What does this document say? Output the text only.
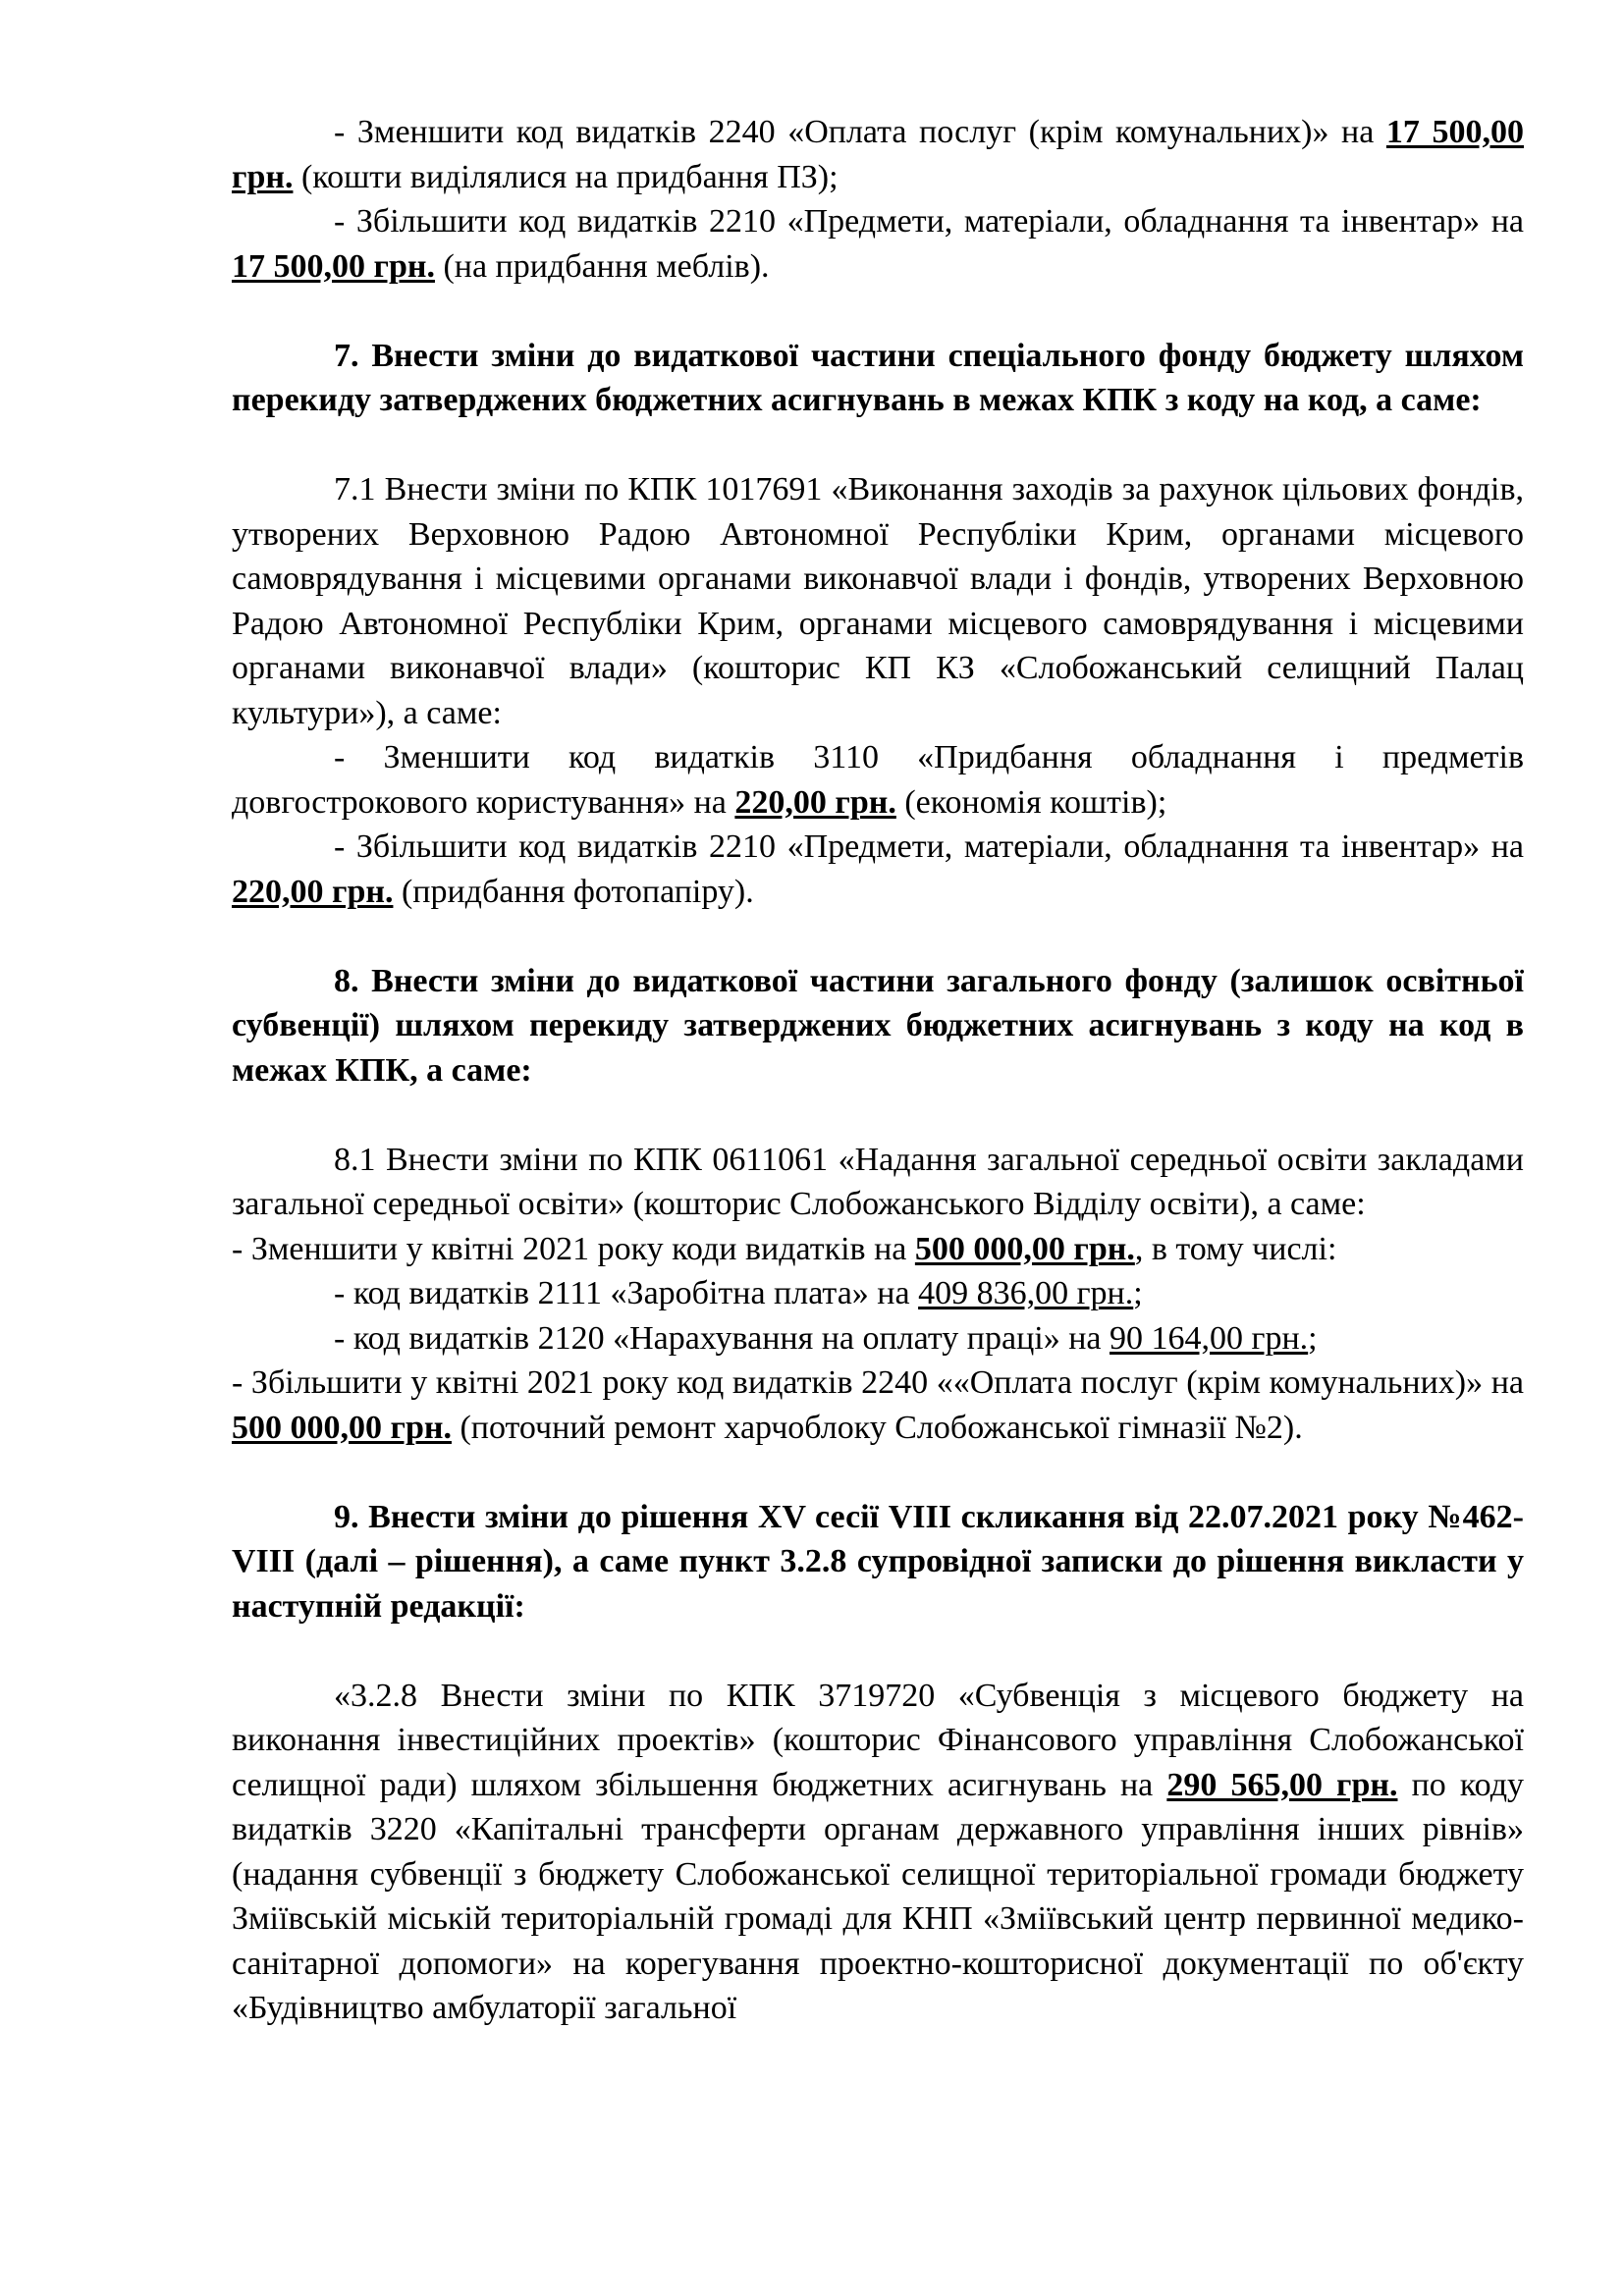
- Зменшити код видатків 2240 «Оплата послуг (крім комунальних)» на 17 500,00 грн. (кошти виділялися на придбання ПЗ);

- Збільшити код видатків 2210 «Предмети, матеріали, обладнання та інвентар» на 17 500,00 грн. (на придбання меблів).

7. Внести зміни до видаткової частини спеціального фонду бюджету шляхом перекиду затверджених бюджетних асигнувань в межах КПК з коду на код, а саме:

7.1 Внести зміни по КПК 1017691 «Виконання заходів за рахунок цільових фондів, утворених Верховною Радою Автономної Республіки Крим, органами місцевого самоврядування і місцевими органами виконавчої влади і фондів, утворених Верховною Радою Автономної Республіки Крим, органами місцевого самоврядування і місцевими органами виконавчої влади» (кошторис КП КЗ «Слобожанський селищний Палац культури»), а саме:

- Зменшити код видатків 3110 «Придбання обладнання і предметів довгострокового користування» на 220,00 грн. (економія коштів);

- Збільшити код видатків 2210 «Предмети, матеріали, обладнання та інвентар» на 220,00 грн. (придбання фотопапіру).

8. Внести зміни до видаткової частини загального фонду (залишок освітньої субвенції) шляхом перекиду затверджених бюджетних асигнувань з коду на код в межах КПК, а саме:

8.1 Внести зміни по КПК 0611061 «Надання загальної середньої освіти закладами загальної середньої освіти» (кошторис Слобожанського Відділу освіти), а саме:

- Зменшити у квітні 2021 року коди видатків на 500 000,00 грн., в тому числі:

- код видатків 2111 «Заробітна плата» на 409 836,00 грн.;

- код видатків 2120 «Нарахування на оплату праці» на 90 164,00 грн.;

- Збільшити у квітні 2021 року код видатків 2240 ««Оплата послуг (крім комунальних)» на 500 000,00 грн. (поточний ремонт харчоблоку Слобожанської гімназії №2).

9. Внести зміни до рішення XV сесії VIII скликання від 22.07.2021 року №462-VIII (далі – рішення), а саме пункт 3.2.8 супровідної записки до рішення викласти у наступній редакції:

«3.2.8 Внести зміни по КПК 3719720 «Субвенція з місцевого бюджету на виконання інвестиційних проектів» (кошторис Фінансового управління Слобожанської селищної ради) шляхом збільшення бюджетних асигнувань на 290 565,00 грн. по коду видатків 3220 «Капітальні трансферти органам державного управління інших рівнів» (надання субвенції з бюджету Слобожанської селищної територіальної громади бюджету Зміївській міській територіальній громаді для КНП «Зміївський центр первинної медико-санітарної допомоги» на корегування проектно-кошторисної документації по об'єкту «Будівництво амбулаторії загальної
